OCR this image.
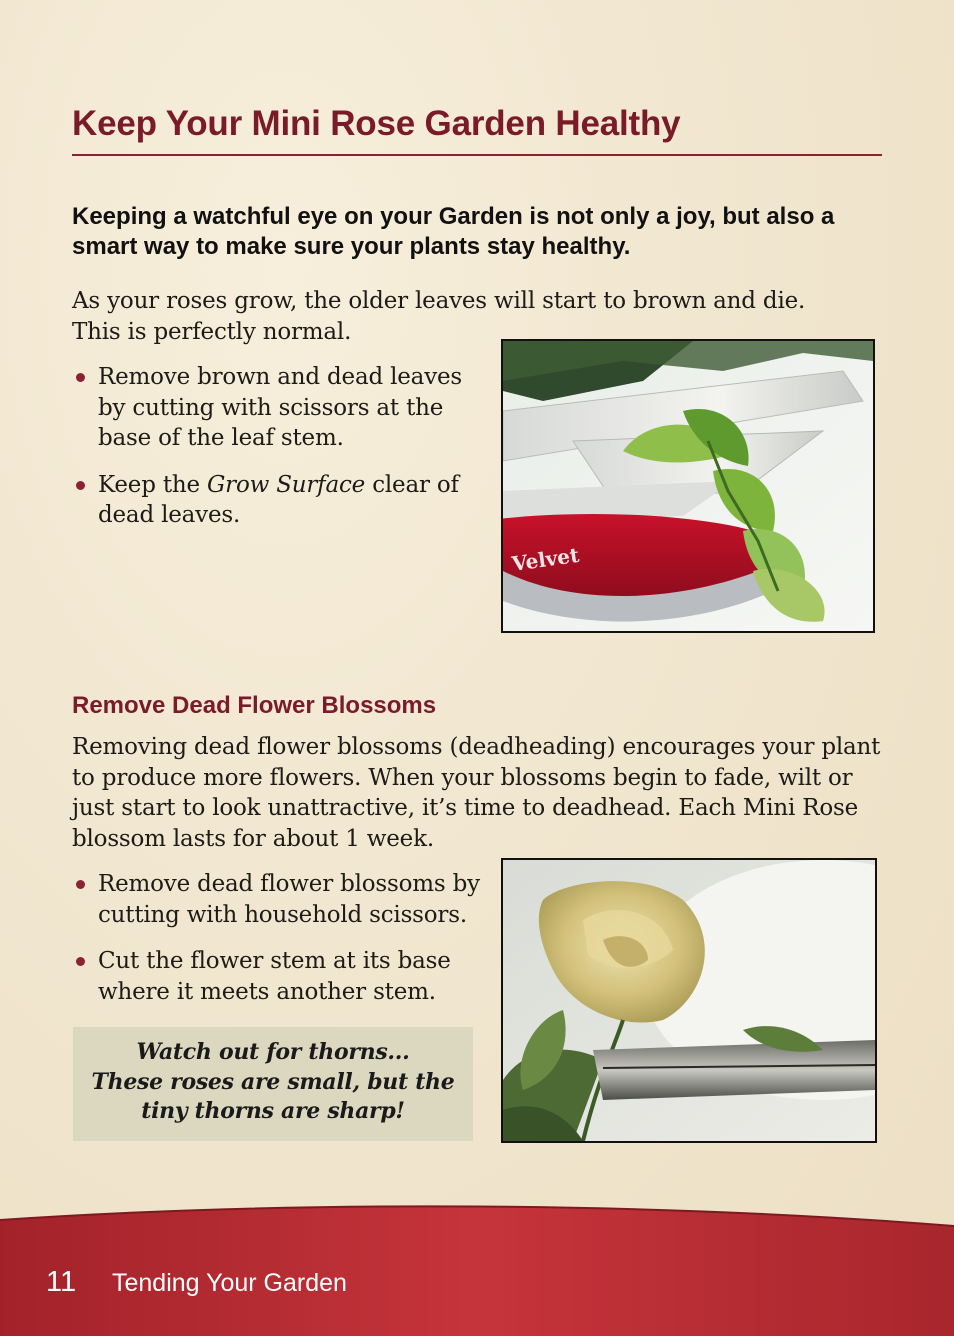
Keep Your Mini Rose Garden Healthy

Keeping a watchful eye on your Garden is not only a joy, but also a smart way to make sure your plants stay healthy.

As your roses grow, the older leaves will start to brown and die. This is perfectly normal.

Remove brown and dead leaves by cutting with scissors at the base of the leaf stem.
Keep the Grow Surface clear of dead leaves.
Velvet
Remove Dead Flower Blossoms

Removing dead flower blossoms (deadheading) encourages your plant to produce more flowers. When your blossoms begin to fade, wilt or just start to look unattractive, it’s time to deadhead. Each Mini Rose blossom lasts for about 1 week.

Remove dead flower blossoms by cutting with household scissors.
Cut the flower stem at its base where it meets another stem.

Watch out for thorns...

These roses are small, but the

tiny thorns are sharp!

11 Tending Your Garden
